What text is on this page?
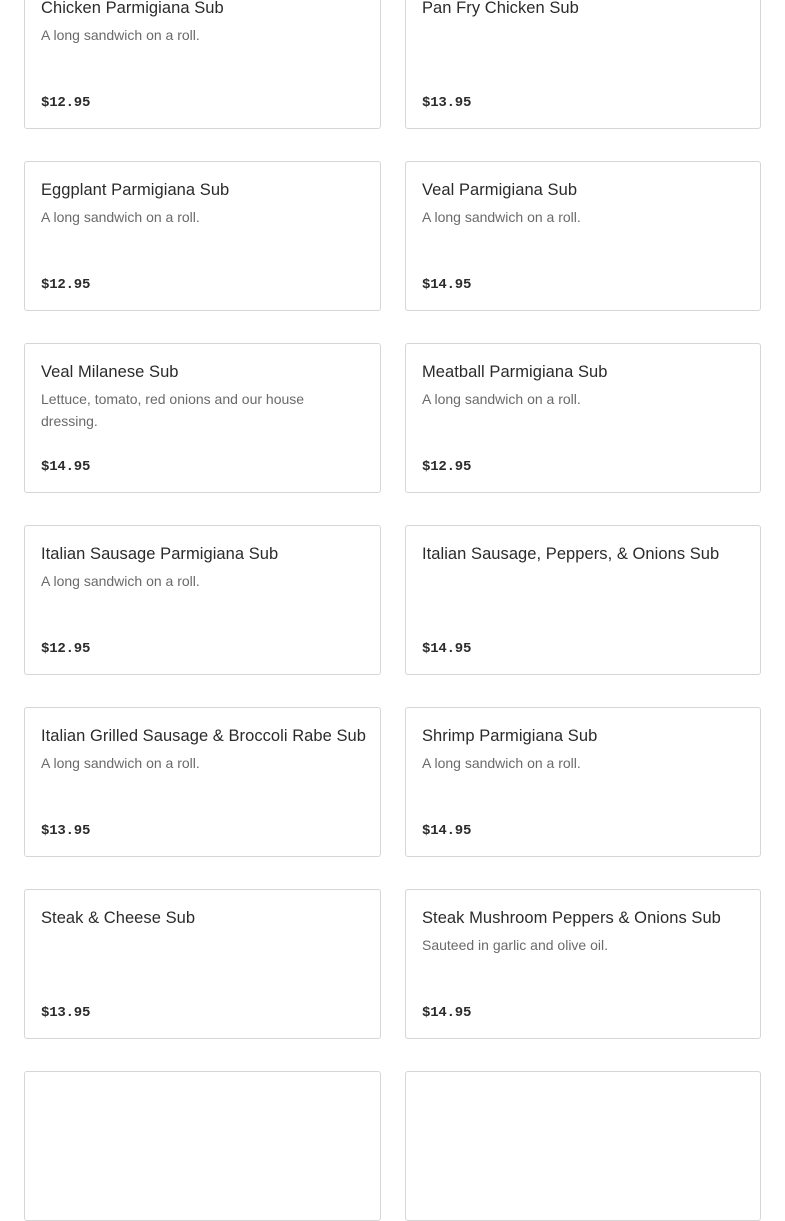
Chicken Parmigiana Sub
A long sandwich on a roll.
$12.95
Pan Fry Chicken Sub
$13.95
Eggplant Parmigiana Sub
A long sandwich on a roll.
$12.95
Veal Parmigiana Sub
A long sandwich on a roll.
$14.95
Veal Milanese Sub
Lettuce, tomato, red onions and our house dressing.
$14.95
Meatball Parmigiana Sub
A long sandwich on a roll.
$12.95
Italian Sausage Parmigiana Sub
A long sandwich on a roll.
$12.95
Italian Sausage, Peppers, & Onions Sub
$14.95
Italian Grilled Sausage & Broccoli Rabe Sub
A long sandwich on a roll.
$13.95
Shrimp Parmigiana Sub
A long sandwich on a roll.
$14.95
Steak & Cheese Sub
$13.95
Steak Mushroom Peppers & Onions Sub
Sauteed in garlic and olive oil.
$14.95
